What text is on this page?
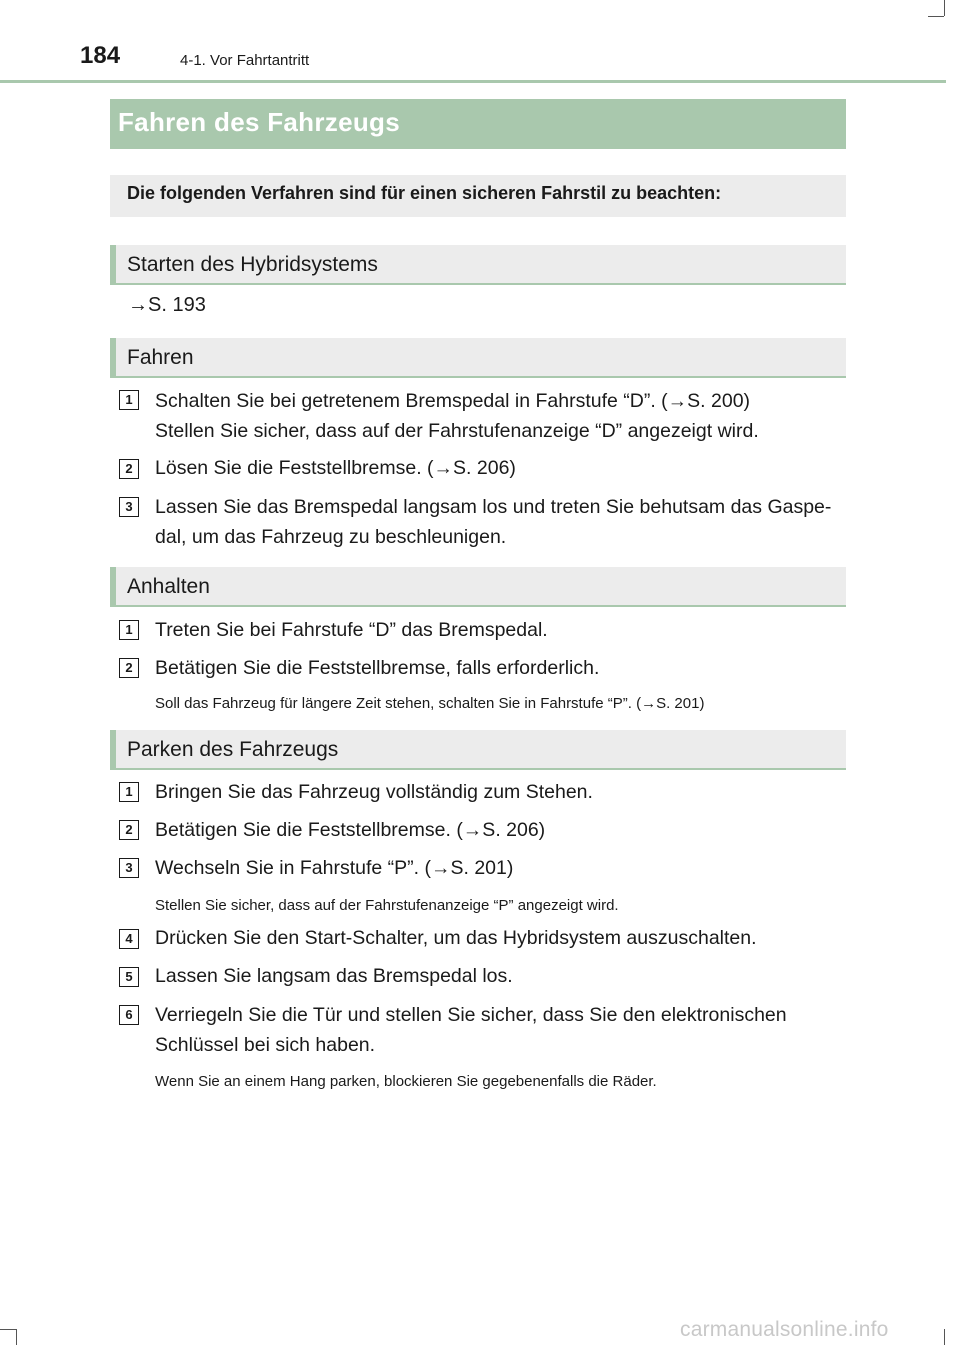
184	4-1. Vor Fahrtantritt
Fahren des Fahrzeugs
Die folgenden Verfahren sind für einen sicheren Fahrstil zu beachten:
Starten des Hybridsystems
→S. 193
Fahren
1	Schalten Sie bei getretenem Bremspedal in Fahrstufe “D”. (→S. 200)
Stellen Sie sicher, dass auf der Fahrstufenanzeige “D” angezeigt wird.
2	Lösen Sie die Feststellbremse. (→S. 206)
3	Lassen Sie das Bremspedal langsam los und treten Sie behutsam das Gaspe-
dal, um das Fahrzeug zu beschleunigen.
Anhalten
1	Treten Sie bei Fahrstufe “D” das Bremspedal.
2	Betätigen Sie die Feststellbremse, falls erforderlich.
Soll das Fahrzeug für längere Zeit stehen, schalten Sie in Fahrstufe “P”. (→S. 201)
Parken des Fahrzeugs
1	Bringen Sie das Fahrzeug vollständig zum Stehen.
2	Betätigen Sie die Feststellbremse. (→S. 206)
3	Wechseln Sie in Fahrstufe “P”. (→S. 201)
Stellen Sie sicher, dass auf der Fahrstufenanzeige “P” angezeigt wird.
4	Drücken Sie den Start-Schalter, um das Hybridsystem auszuschalten.
5	Lassen Sie langsam das Bremspedal los.
6	Verriegeln Sie die Tür und stellen Sie sicher, dass Sie den elektronischen
Schlüssel bei sich haben.
Wenn Sie an einem Hang parken, blockieren Sie gegebenenfalls die Räder.
carmanualsonline.info
